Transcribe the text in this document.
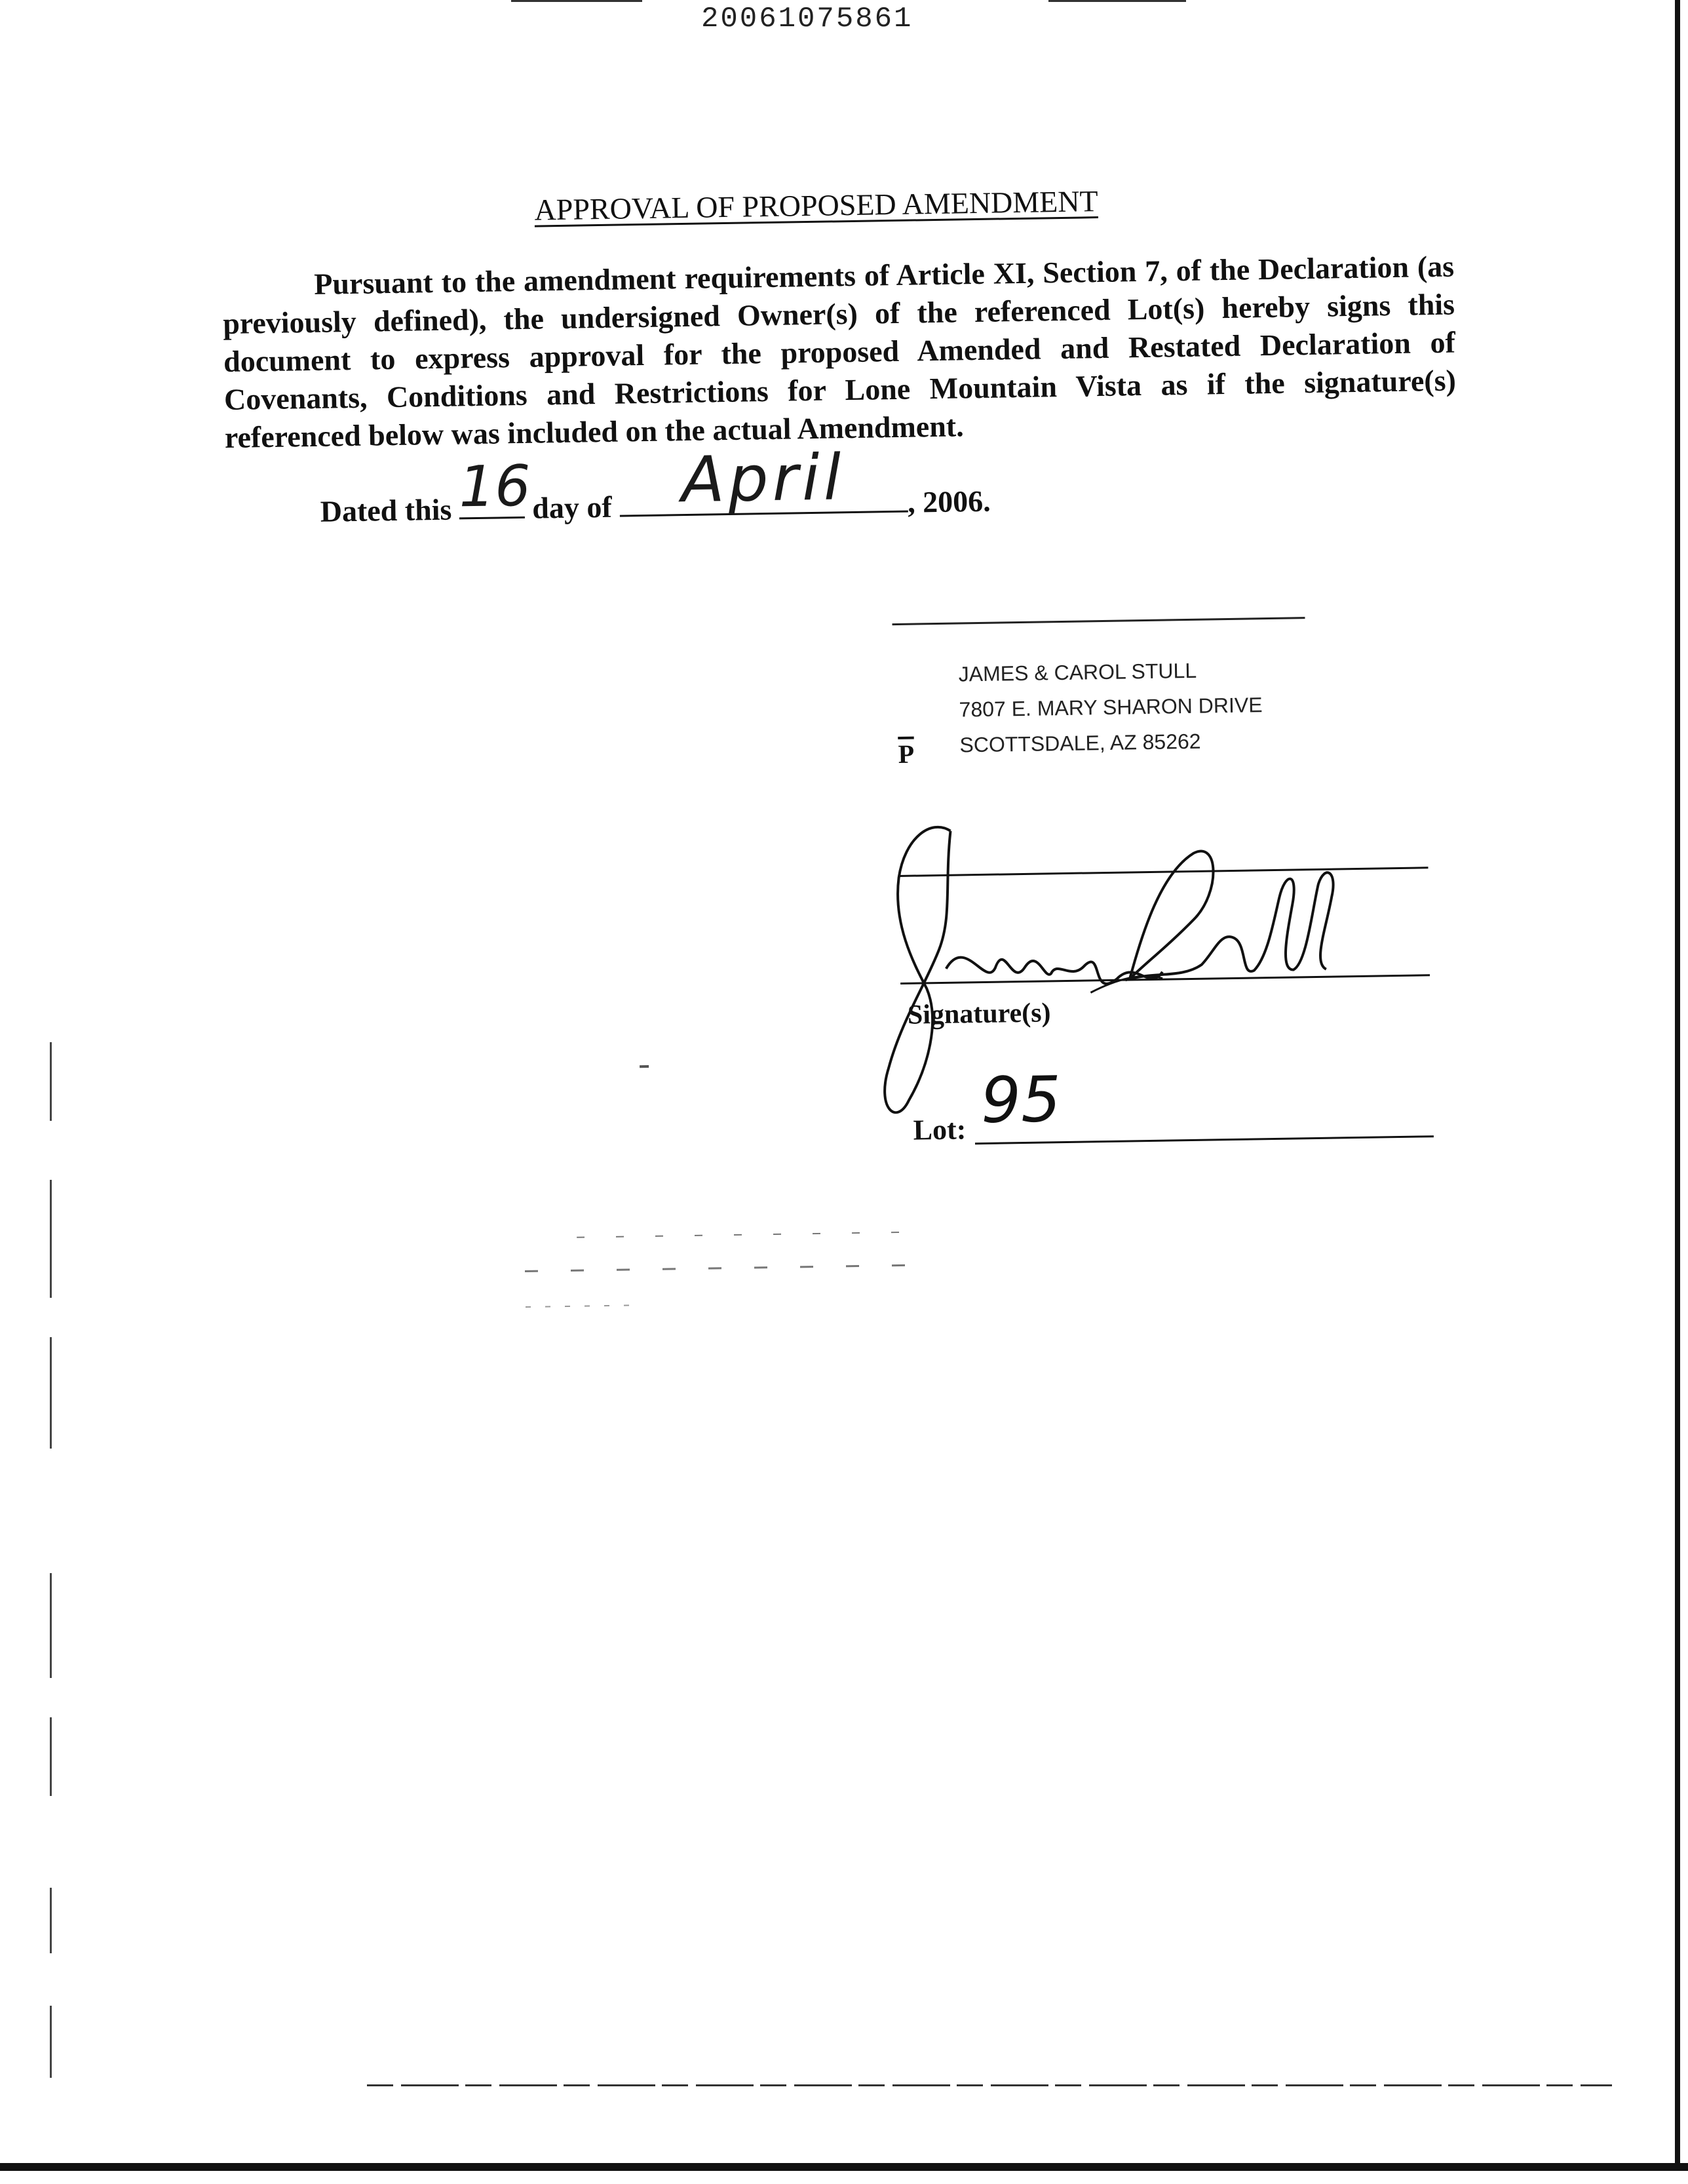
20061075861
APPROVAL OF PROPOSED AMENDMENT

Pursuant to the amendment requirements of Article XI, Section 7, of the Declaration (as previously defined), the undersigned Owner(s) of the referenced Lot(s) hereby signs this document to express approval for the proposed Amended and Restated Declaration of Covenants, Conditions and Restrictions for Lone Mountain Vista as if the signature(s) referenced below was included on the actual Amendment.

Dated this 16 day of	April	, 2006.
JAMES & CAROL STULL
7807 E. MARY SHARON DRIVE
SCOTTSDALE, AZ 85262
$\overline{P}$
Signature(s)
Lot: 95
